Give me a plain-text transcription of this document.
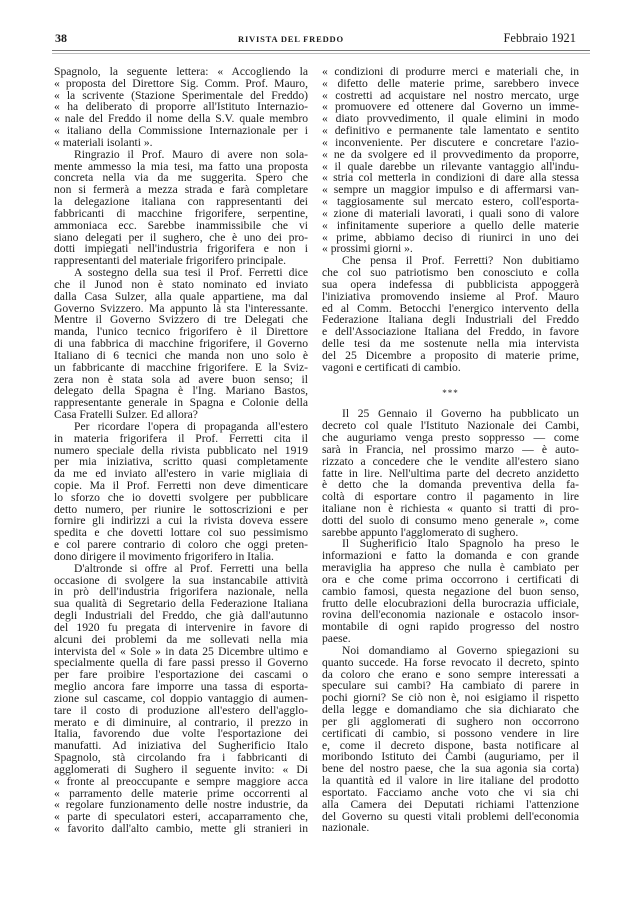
38	RIVISTA DEL FREDDO	Febbraio 1921
Spagnolo, la seguente lettera: « Accogliendo la
« proposta del Direttore Sig. Comm. Prof. Mauro,
« la scrivente (Stazione Sperimentale del Freddo)
« ha deliberato di proporre all'Istituto Internazio-
« nale del Freddo il nome della S.V. quale membro
« italiano della Commissione Internazionale per i
« materiali isolanti ».
Ringrazio il Prof. Mauro di avere non sola-
mente ammesso la mia tesi, ma fatto una proposta
concreta nella via da me suggerita. Spero che
non si fermerà a mezza strada e farà completare
la delegazione italiana con rappresentanti dei
fabbricanti di macchine frigorifere, serpentine,
ammoniaca ecc. Sarebbe inammissibile che vi
siano delegati per il sughero, che è uno dei pro-
dotti impiegati nell'industria frigorifera e non i
rappresentanti del materiale frigorifero principale.
A sostegno della sua tesi il Prof. Ferretti dice
che il Junod non è stato nominato ed inviato
dalla Casa Sulzer, alla quale appartiene, ma dal
Governo Svizzero. Ma appunto là sta l'interessante.
Mentre il Governo Svizzero di tre Delegati che
manda, l'unico tecnico frigorifero è il Direttore
di una fabbrica di macchine frigorifere, il Governo
Italiano di 6 tecnici che manda non uno solo è
un fabbricante di macchine frigorifere. E la Sviz-
zera non è stata sola ad avere buon senso; il
delegato della Spagna è l'Ing. Mariano Bastos,
rappresentante generale in Spagna e Colonie della
Casa Fratelli Sulzer. Ed allora?
Per ricordare l'opera di propaganda all'estero
in materia frigorifera il Prof. Ferretti cita il
numero speciale della rivista pubblicato nel 1919
per mia iniziativa, scritto quasi completamente
da me ed inviato all'estero in varie migliaia di
copie. Ma il Prof. Ferretti non deve dimenticare
lo sforzo che io dovetti svolgere per pubblicare
detto numero, per riunire le sottoscrizioni e per
fornire gli indirizzi a cui la rivista doveva essere
spedita e che dovetti lottare col suo pessimismo
e col parere contrario di coloro che oggi preten-
dono dirigere il movimento frigorifero in Italia.
D'altronde si offre al Prof. Ferretti una bella
occasione di svolgere la sua instancabile attività
in prò dell'industria frigorifera nazionale, nella
sua qualità di Segretario della Federazione Italiana
degli Industriali del Freddo, che già dall'autunno
del 1920 fu pregata di intervenire in favore di
alcuni dei problemi da me sollevati nella mia
intervista del « Sole » in data 25 Dicembre ultimo e
specialmente quella di fare passi presso il Governo
per fare proibire l'esportazione dei cascami o
meglio ancora fare imporre una tassa di esporta-
zione sul cascame, col doppio vantaggio di aumen-
tare il costo di produzione all'estero dell'agglo-
merato e di diminuire, al contrario, il prezzo in
Italia, favorendo due volte l'esportazione dei
manufatti. Ad iniziativa del Sugherificio Italo
Spagnolo, stà circolando fra i fabbricanti di
agglomerati di Sughero il seguente invito: « Di
« fronte al preoccupante e sempre maggiore acca
« parramento delle materie prime occorrenti al
« regolare funzionamento delle nostre industrie, da
« parte di speculatori esteri, accaparramento che,
« favorito dall'alto cambio, mette gli stranieri in
« condizioni di produrre merci e materiali che, in
« difetto delle materie prime, sarebbero invece
« costretti ad acquistare nel nostro mercato, urge
« promuovere ed ottenere dal Governo un imme-
« diato provvedimento, il quale elimini in modo
« definitivo e permanente tale lamentato e sentito
« inconveniente. Per discutere e concretare l'azio-
« ne da svolgere ed il provvedimento da proporre,
« il quale darebbe un rilevante vantaggio all'indu-
« stria col metterla in condizioni di dare alla stessa
« sempre un maggior impulso e di affermarsi van-
« taggiosamente sul mercato estero, coll'esporta-
« zione di materiali lavorati, i quali sono di valore
« infinitamente superiore a quello delle materie
« prime, abbiamo deciso di riunirci in uno dei
« prossimi giorni ».
Che pensa il Prof. Ferretti? Non dubitiamo
che col suo patriotismo ben conosciuto e colla
sua opera indefessa di pubblicista appoggerà
l'iniziativa promovendo insieme al Prof. Mauro
ed al Comm. Betocchi l'energico intervento della
Federazione Italiana degli Industriali del Freddo
e dell'Associazione Italiana del Freddo, in favore
delle tesi da me sostenute nella mia intervista
del 25 Dicembre a proposito di materie prime,
vagoni e certificati di cambio.
***
Il 25 Gennaio il Governo ha pubblicato un
decreto col quale l'Istituto Nazionale dei Cambi,
che auguriamo venga presto soppresso — come
sarà in Francia, nel prossimo marzo — è auto-
rizzato a concedere che le vendite all'estero siano
fatte in lire. Nell'ultima parte del decreto anzidetto
è detto che la domanda preventiva della fa-
coltà di esportare contro il pagamento in lire
italiane non è richiesta « quanto si tratti di pro-
dotti del suolo di consumo meno generale », come
sarebbe appunto l'agglomerato di sughero.
Il Sugherificio Italo Spagnolo ha preso le
informazioni e fatto la domanda e con grande
meraviglia ha appreso che nulla è cambiato per
ora e che come prima occorrono i certificati di
cambio famosi, questa negazione del buon senso,
frutto delle elocubrazioni della burocrazia ufficiale,
rovina dell'economia nazionale e ostacolo insor-
montabile di ogni rapido progresso del nostro
paese.
Noi domandiamo al Governo spiegazioni su
quanto succede. Ha forse revocato il decreto, spinto
da coloro che erano e sono sempre interessati a
speculare sui cambi? Ha cambiato di parere in
pochi giorni? Se ciò non è, noi esigiamo il rispetto
della legge e domandiamo che sia dichiarato che
per gli agglomerati di sughero non occorrono
certificati di cambio, si possono vendere in lire
e, come il decreto dispone, basta notificare al
moribondo Istituto dei Cambi (auguriamo, per il
bene del nostro paese, che la sua agonia sia corta)
la quantità ed il valore in lire italiane del prodotto
esportato. Facciamo anche voto che vi sia chi
alla Camera dei Deputati richiami l'attenzione
del Governo su questi vitali problemi dell'economia
nazionale.
